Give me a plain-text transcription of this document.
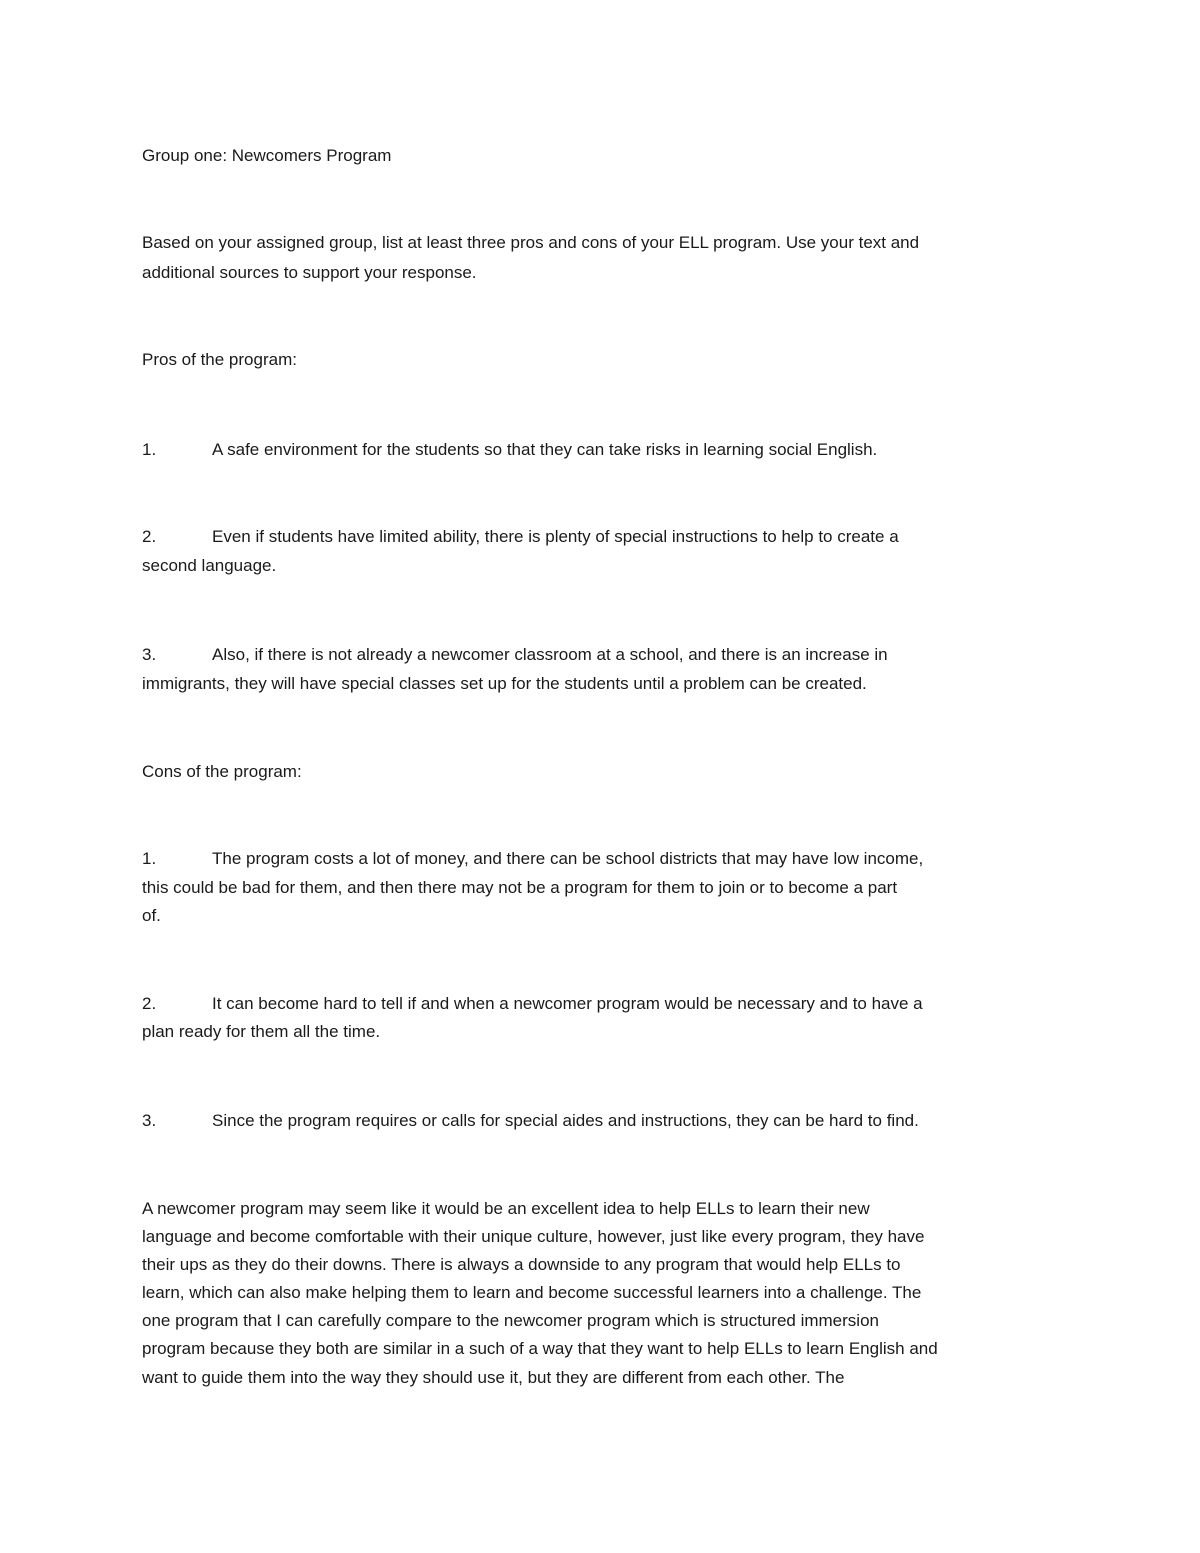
Group one: Newcomers Program
Based on your assigned group, list at least three pros and cons of your ELL program. Use your text and
additional sources to support your response.
Pros of the program:
1.	A safe environment for the students so that they can take risks in learning social English.
2.	Even if students have limited ability, there is plenty of special instructions to help to create a
second language.
3.	Also, if there is not already a newcomer classroom at a school, and there is an increase in
immigrants, they will have special classes set up for the students until a problem can be created.
Cons of the program:
1.	The program costs a lot of money, and there can be school districts that may have low income,
this could be bad for them, and then there may not be a program for them to join or to become a part
of.
2.	It can become hard to tell if and when a newcomer program would be necessary and to have a
plan ready for them all the time.
3.	Since the program requires or calls for special aides and instructions, they can be hard to find.
A newcomer program may seem like it would be an excellent idea to help ELLs to learn their new
language and become comfortable with their unique culture, however, just like every program, they have
their ups as they do their downs. There is always a downside to any program that would help ELLs to
learn, which can also make helping them to learn and become successful learners into a challenge. The
one program that I can carefully compare to the newcomer program which is structured immersion
program because they both are similar in a such of a way that they want to help ELLs to learn English and
want to guide them into the way they should use it, but they are different from each other. The
